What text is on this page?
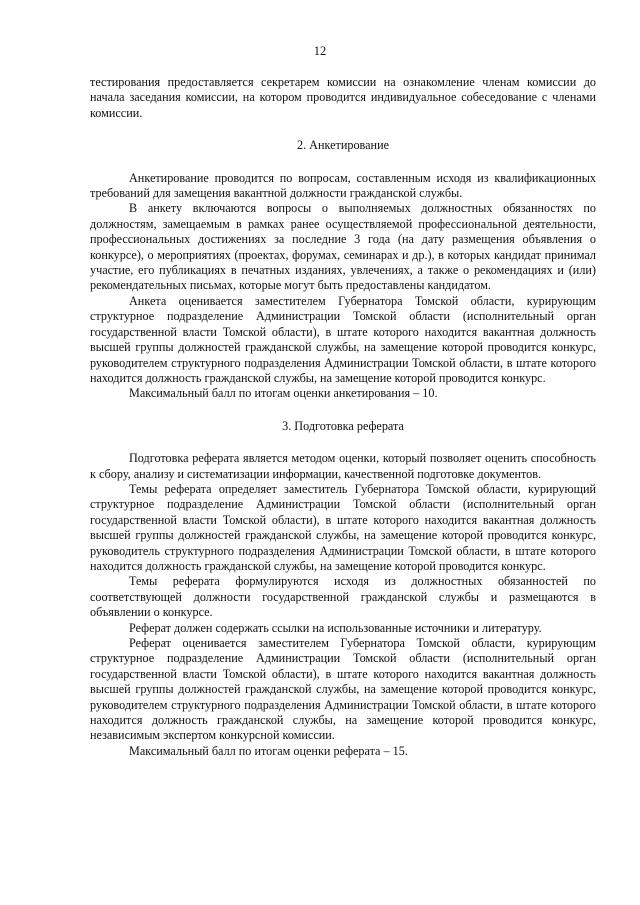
12

тестирования предоставляется секретарем комиссии на ознакомление членам комиссии до начала заседания комиссии, на котором проводится индивидуальное собеседование с членами комиссии.

2. Анкетирование

Анкетирование проводится по вопросам, составленным исходя из квалификационных требований для замещения вакантной должности гражданской службы.

В анкету включаются вопросы о выполняемых должностных обязанностях по должностям, замещаемым в рамках ранее осуществляемой профессиональной деятельности, профессиональных достижениях за последние 3 года (на дату размещения объявления о конкурсе), о мероприятиях (проектах, форумах, семинарах и др.), в которых кандидат принимал участие, его публикациях в печатных изданиях, увлечениях, а также о рекомендациях и (или) рекомендательных письмах, которые могут быть предоставлены кандидатом.

Анкета оценивается заместителем Губернатора Томской области, курирующим структурное подразделение Администрации Томской области (исполнительный орган государственной власти Томской области), в штате которого находится вакантная должность высшей группы должностей гражданской службы, на замещение которой проводится конкурс, руководителем структурного подразделения Администрации Томской области, в штате которого находится должность гражданской службы, на замещение которой проводится конкурс.

Максимальный балл по итогам оценки анкетирования – 10.

3. Подготовка реферата

Подготовка реферата является методом оценки, который позволяет оценить способность к сбору, анализу и систематизации информации, качественной подготовке документов.

Темы реферата определяет заместитель Губернатора Томской области, курирующий структурное подразделение Администрации Томской области (исполнительный орган государственной власти Томской области), в штате которого находится вакантная должность высшей группы должностей гражданской службы, на замещение которой проводится конкурс, руководитель структурного подразделения Администрации Томской области, в штате которого находится должность гражданской службы, на замещение которой проводится конкурс.

Темы реферата формулируются исходя из должностных обязанностей по соответствующей должности государственной гражданской службы и размещаются в объявлении о конкурсе.

Реферат должен содержать ссылки на использованные источники и литературу.

Реферат оценивается заместителем Губернатора Томской области, курирующим структурное подразделение Администрации Томской области (исполнительный орган государственной власти Томской области), в штате которого находится вакантная должность высшей группы должностей гражданской службы, на замещение которой проводится конкурс, руководителем структурного подразделения Администрации Томской области, в штате которого находится должность гражданской службы, на замещение которой проводится конкурс, независимым экспертом конкурсной комиссии.

Максимальный балл по итогам оценки реферата – 15.
